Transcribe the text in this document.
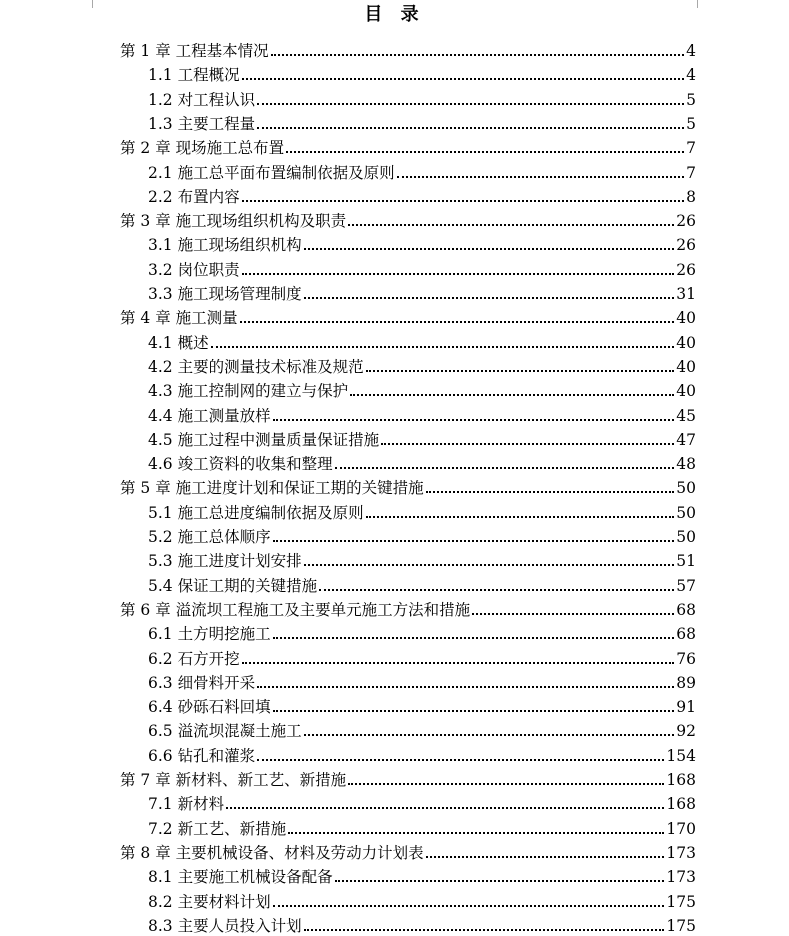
目 录
第 1 章 工程基本情况	4
1.1 工程概况	4
1.2 对工程认识	5
1.3 主要工程量	5
第 2 章 现场施工总布置	7
2.1 施工总平面布置编制依据及原则	7
2.2 布置内容	8
第 3 章 施工现场组织机构及职责	26
3.1 施工现场组织机构	26
3.2 岗位职责	26
3.3 施工现场管理制度	31
第 4 章 施工测量	40
4.1 概述	40
4.2 主要的测量技术标准及规范	40
4.3 施工控制网的建立与保护	40
4.4 施工测量放样	45
4.5 施工过程中测量质量保证措施	47
4.6 竣工资料的收集和整理	48
第 5 章 施工进度计划和保证工期的关键措施	50
5.1 施工总进度编制依据及原则	50
5.2 施工总体顺序	50
5.3 施工进度计划安排	51
5.4 保证工期的关键措施	57
第 6 章 溢流坝工程施工及主要单元施工方法和措施	68
6.1 土方明挖施工	68
6.2 石方开挖	76
6.3 细骨料开采	89
6.4 砂砾石料回填	91
6.5 溢流坝混凝土施工	92
6.6 钻孔和灌浆	154
第 7 章 新材料、新工艺、新措施	168
7.1 新材料	168
7.2 新工艺、新措施	170
第 8 章 主要机械设备、材料及劳动力计划表	173
8.1 主要施工机械设备配备	173
8.2 主要材料计划	175
8.3 主要人员投入计划	175
